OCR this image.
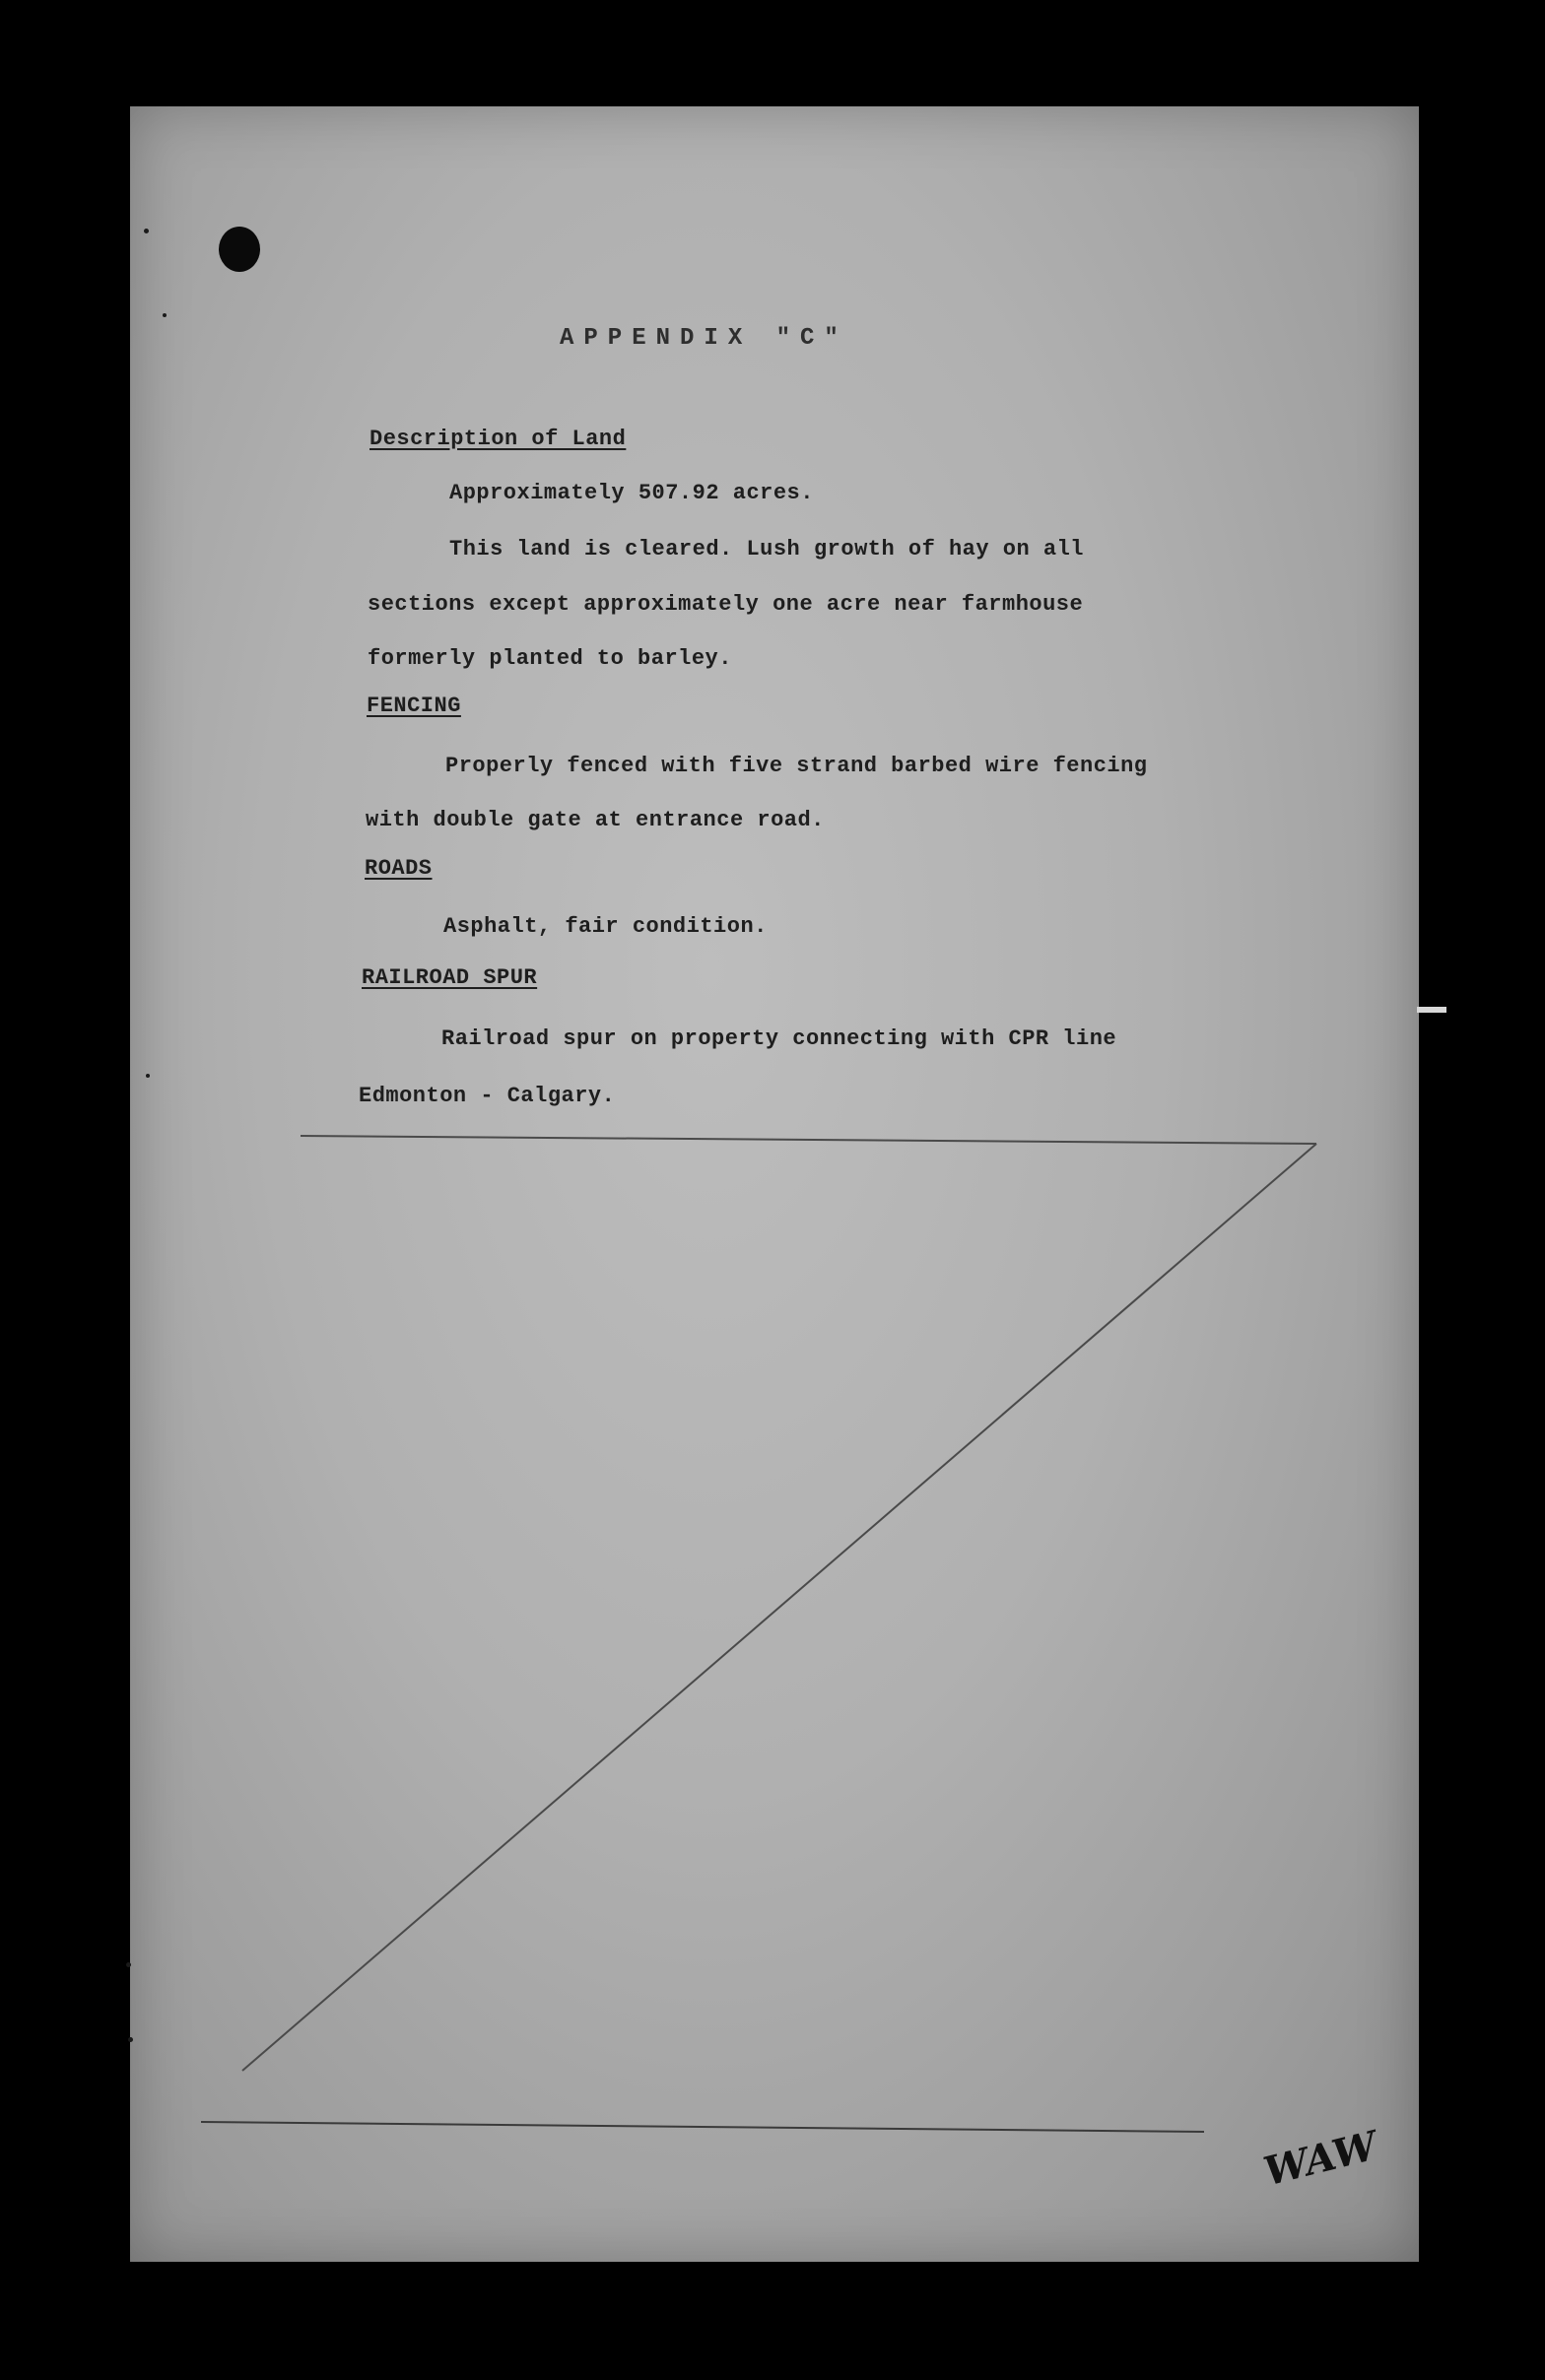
APPENDIX "C"
Description of Land
Approximately 507.92 acres.
This land is cleared. Lush growth of hay on all
sections except approximately one acre near farmhouse
formerly planted to barley.
FENCING
Properly fenced with five strand barbed wire fencing
with double gate at entrance road.
ROADS
Asphalt, fair condition.
RAILROAD SPUR
Railroad spur on property connecting with CPR line
Edmonton - Calgary.
WAW
